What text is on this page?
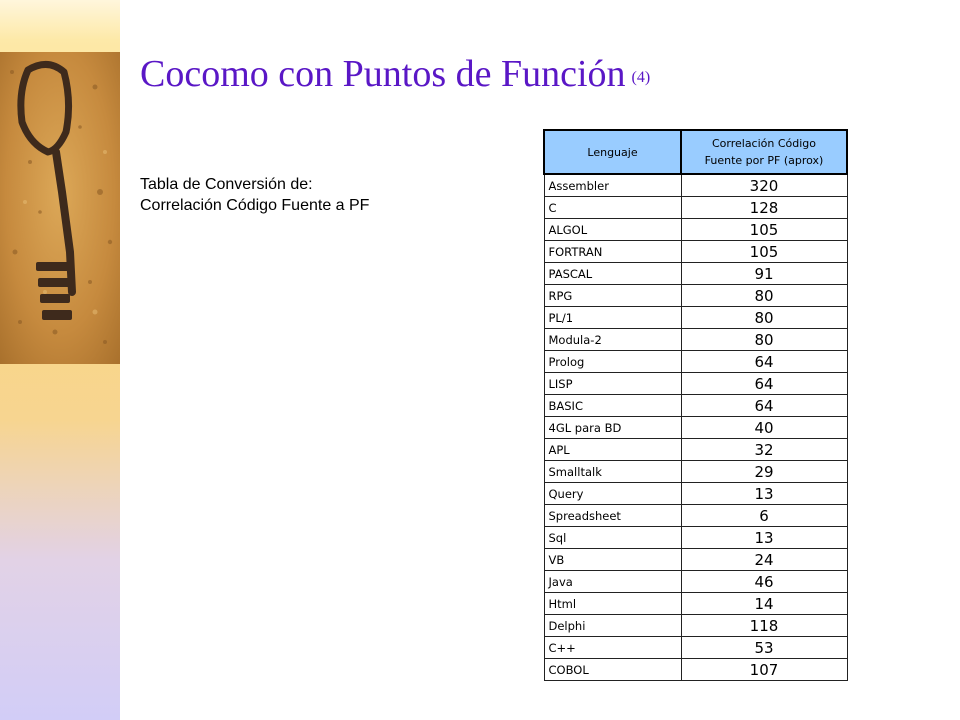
Cocomo con Puntos de Función (4)
Tabla de Conversión de:
Correlación Código Fuente a PF
Lenguaje	Correlación Código
Fuente por PF (aprox)

Assembler	320
C	128
ALGOL	105
FORTRAN	105
PASCAL	91
RPG	80
PL/1	80
Modula-2	80
Prolog	64
LISP	64
BASIC	64
4GL para BD	40
APL	32
Smalltalk	29
Query	13
Spreadsheet	6
Sql	13
VB	24
Java	46
Html	14
Delphi	118
C++	53
COBOL	107
